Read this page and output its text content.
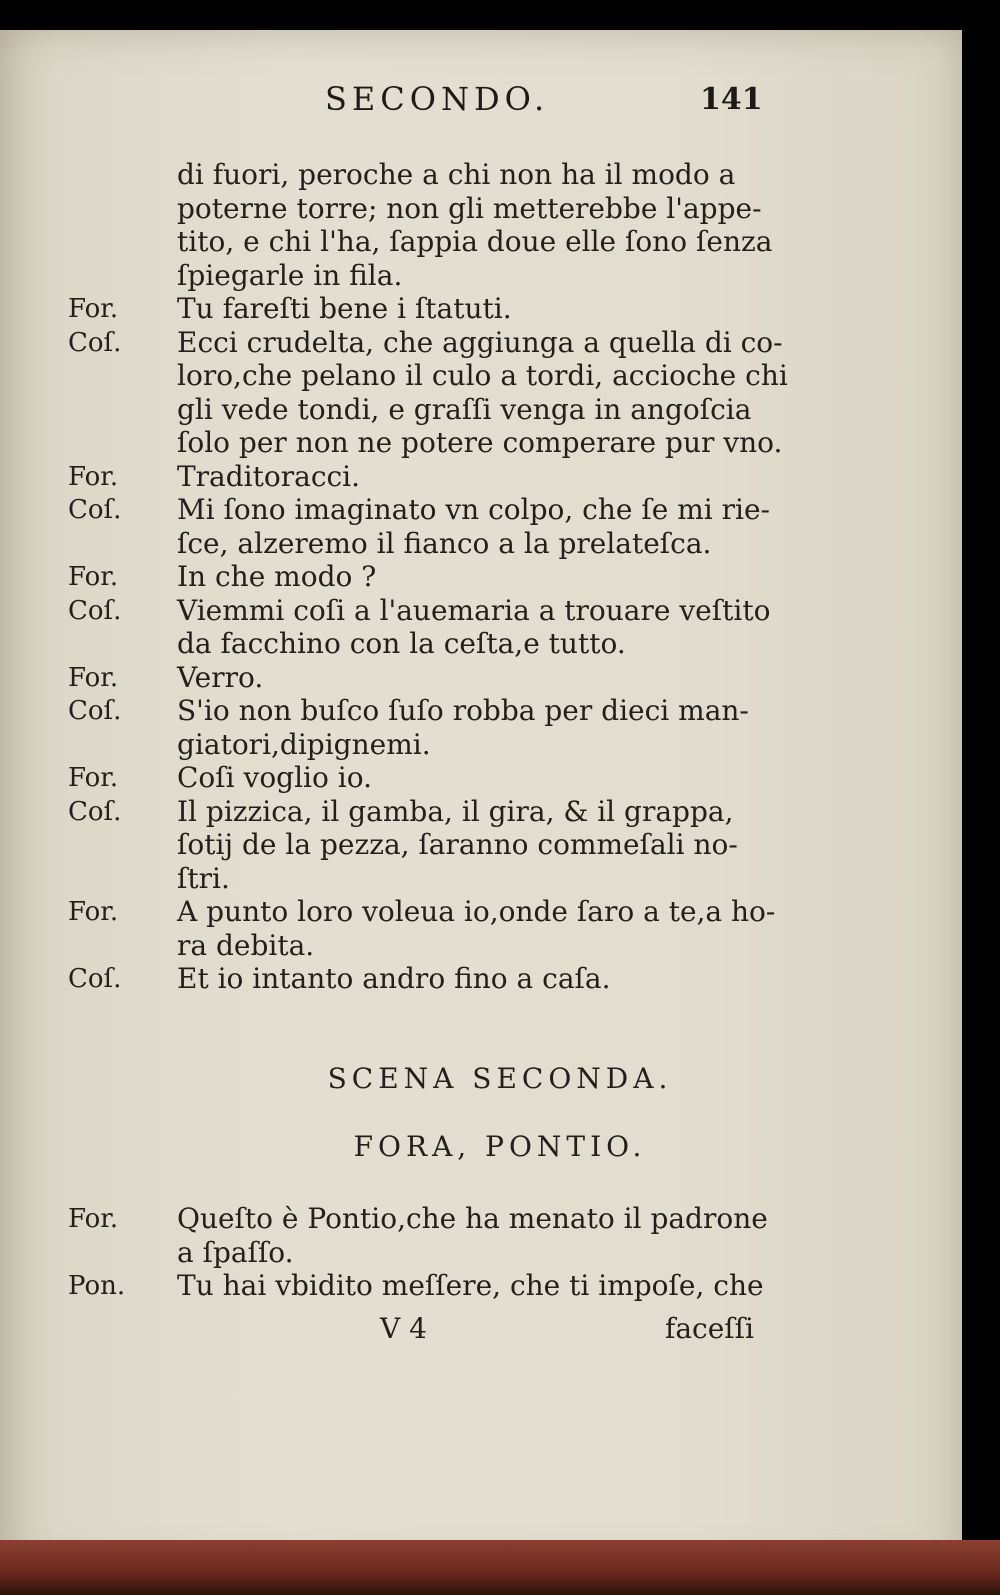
SECONDO.	141
di fuori, peroche a chi non ha il modo a
poterne torre; non gli metterebbe l'appe-
tito, e chi l'ha, ſappia doue elle ſono ſenza
ſpiegarle in fila.
For.	Tu fareſti bene i ſtatuti.
Coſ.	Ecci crudelta, che aggiunga a quella di co-
loro,che pelano il culo a tordi, accioche chi
gli vede tondi, e graſſi venga in angoſcia
ſolo per non ne potere comperare pur vno.
For.	Traditoracci.
Coſ.	Mi ſono imaginato vn colpo, che ſe mi rie-
ſce, alzeremo il fianco a la prelateſca.
For.	In che modo ?
Coſ.	Viemmi coſi a l'auemaria a trouare veſtito
da facchino con la ceſta,e tutto.
For.	Verro.
Coſ.	S'io non buſco ſuſo robba per dieci man-
giatori,dipignemi.
For.	Coſi voglio io.
Coſ.	Il pizzica, il gamba, il gira, & il grappa,
ſotij de la pezza, ſaranno commeſali no-
ſtri.
For.	A punto loro voleua io,onde ſaro a te,a ho-
ra debita.
Coſ.	Et io intanto andro fino a caſa.
For.	Queſto è Pontio,che ha menato il padrone
a ſpaſſo.
Pon.	Tu hai vbidito meſſere, che ti impoſe, che
SCENA SECONDA.
FORA, PONTIO.
V 4	faceſſi
